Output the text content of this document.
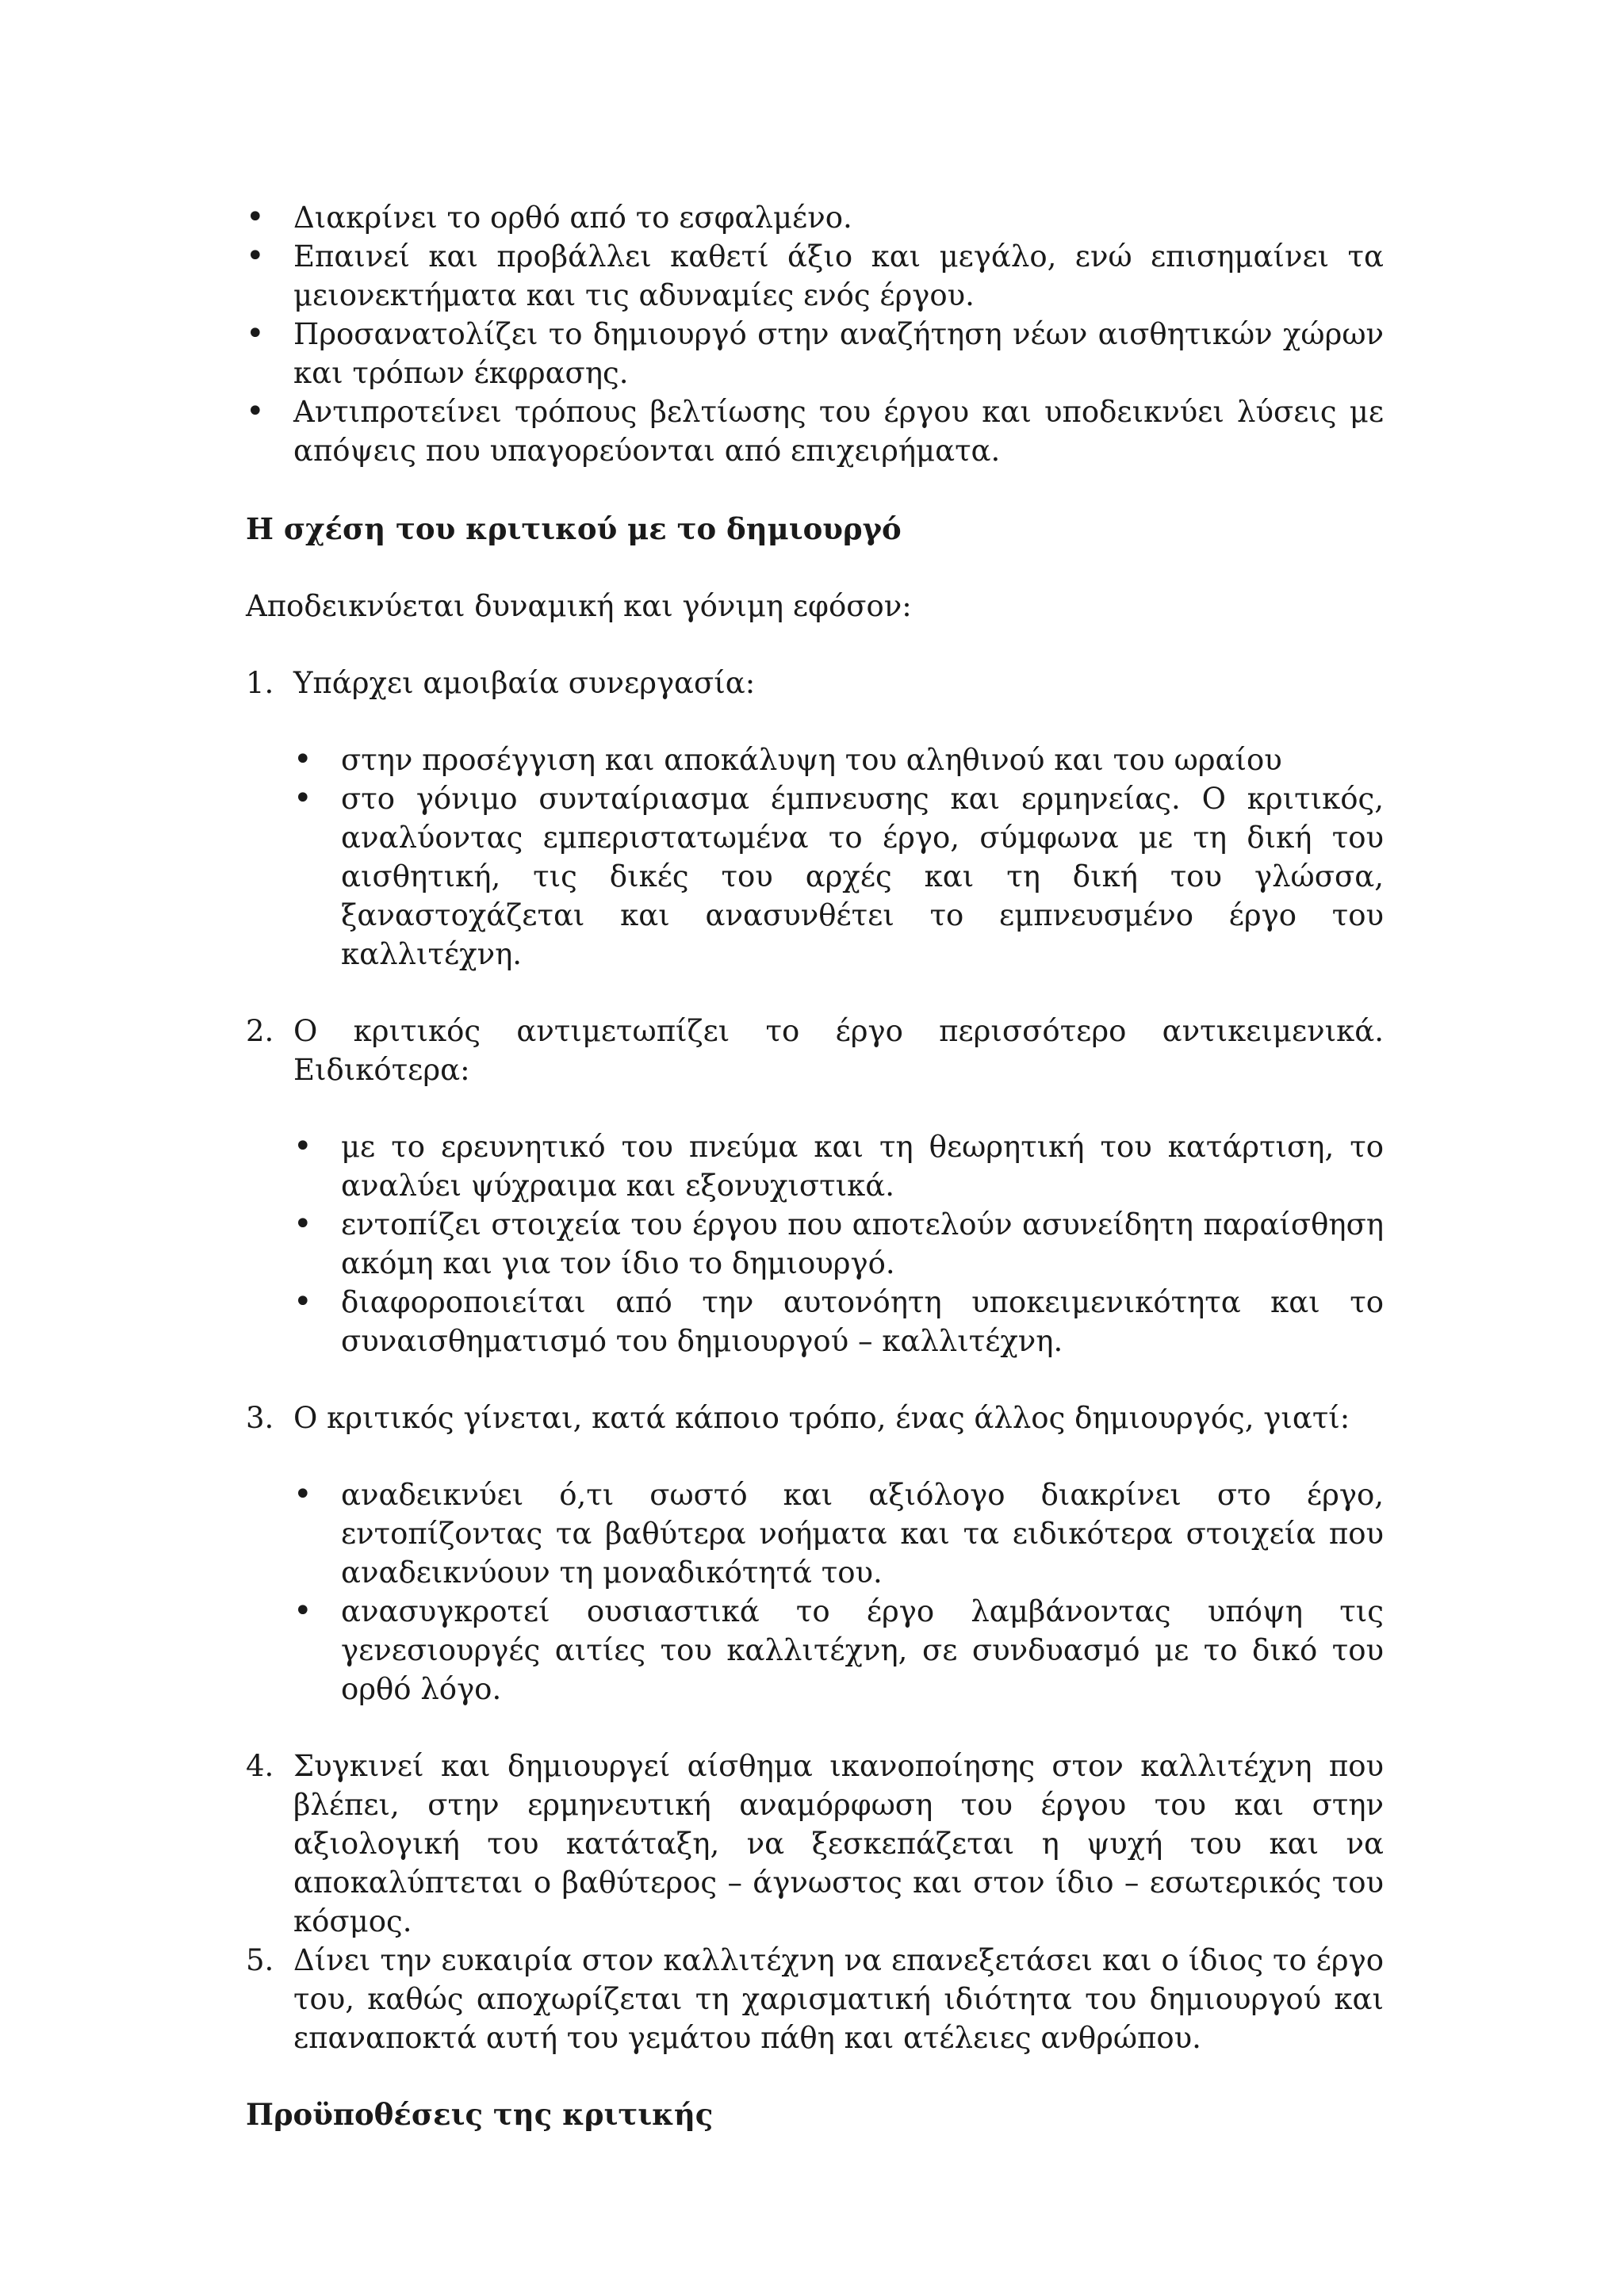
• Διακρίνει το ορθό από το εσφαλμένο.
• Επαινεί και προβάλλει καθετί άξιο και μεγάλο, ενώ επισημαίνει τα μειονεκτήματα και τις αδυναμίες ενός έργου.
• Προσανατολίζει το δημιουργό στην αναζήτηση νέων αισθητικών χώρων και τρόπων έκφρασης.
• Αντιπροτείνει τρόπους βελτίωσης του έργου και υποδεικνύει λύσεις με απόψεις που υπαγορεύονται από επιχειρήματα.

Η σχέση του κριτικού με το δημιουργό

Αποδεικνύεται δυναμική και γόνιμη εφόσον:

1. Υπάρχει αμοιβαία συνεργασία:

• στην προσέγγιση και αποκάλυψη του αληθινού και του ωραίου
• στο γόνιμο συνταίριασμα έμπνευσης και ερμηνείας. Ο κριτικός, αναλύοντας εμπεριστατωμένα το έργο, σύμφωνα με τη δική του αισθητική, τις δικές του αρχές και τη δική του γλώσσα, ξαναστοχάζεται και ανασυνθέτει το εμπνευσμένο έργο του καλλιτέχνη.
2. Ο κριτικός αντιμετωπίζει το έργο περισσότερο αντικειμενικά. Ειδικότερα:

• με το ερευνητικό του πνεύμα και τη θεωρητική του κατάρτιση, το αναλύει ψύχραιμα και εξονυχιστικά.
• εντοπίζει στοιχεία του έργου που αποτελούν ασυνείδητη παραίσθηση ακόμη και για τον ίδιο το δημιουργό.
• διαφοροποιείται από την αυτονόητη υποκειμενικότητα και το συναισθηματισμό του δημιουργού – καλλιτέχνη.
3. Ο κριτικός γίνεται, κατά κάποιο τρόπο, ένας άλλος δημιουργός, γιατί:

• αναδεικνύει ό,τι σωστό και αξιόλογο διακρίνει στο έργο, εντοπίζοντας τα βαθύτερα νοήματα και τα ειδικότερα στοιχεία που αναδεικνύουν τη μοναδικότητά του.
• ανασυγκροτεί ουσιαστικά το έργο λαμβάνοντας υπόψη τις γενεσιουργές αιτίες του καλλιτέχνη, σε συνδυασμό με το δικό του ορθό λόγο.
4. Συγκινεί και δημιουργεί αίσθημα ικανοποίησης στον καλλιτέχνη που βλέπει, στην ερμηνευτική αναμόρφωση του έργου του και στην αξιολογική του κατάταξη, να ξεσκεπάζεται η ψυχή του και να αποκαλύπτεται ο βαθύτερος – άγνωστος και στον ίδιο – εσωτερικός του κόσμος.

5. Δίνει την ευκαιρία στον καλλιτέχνη να επανεξετάσει και ο ίδιος το έργο του, καθώς αποχωρίζεται τη χαρισματική ιδιότητα του δημιουργού και επαναποκτά αυτή του γεμάτου πάθη και ατέλειες ανθρώπου.

Προϋποθέσεις της κριτικής
